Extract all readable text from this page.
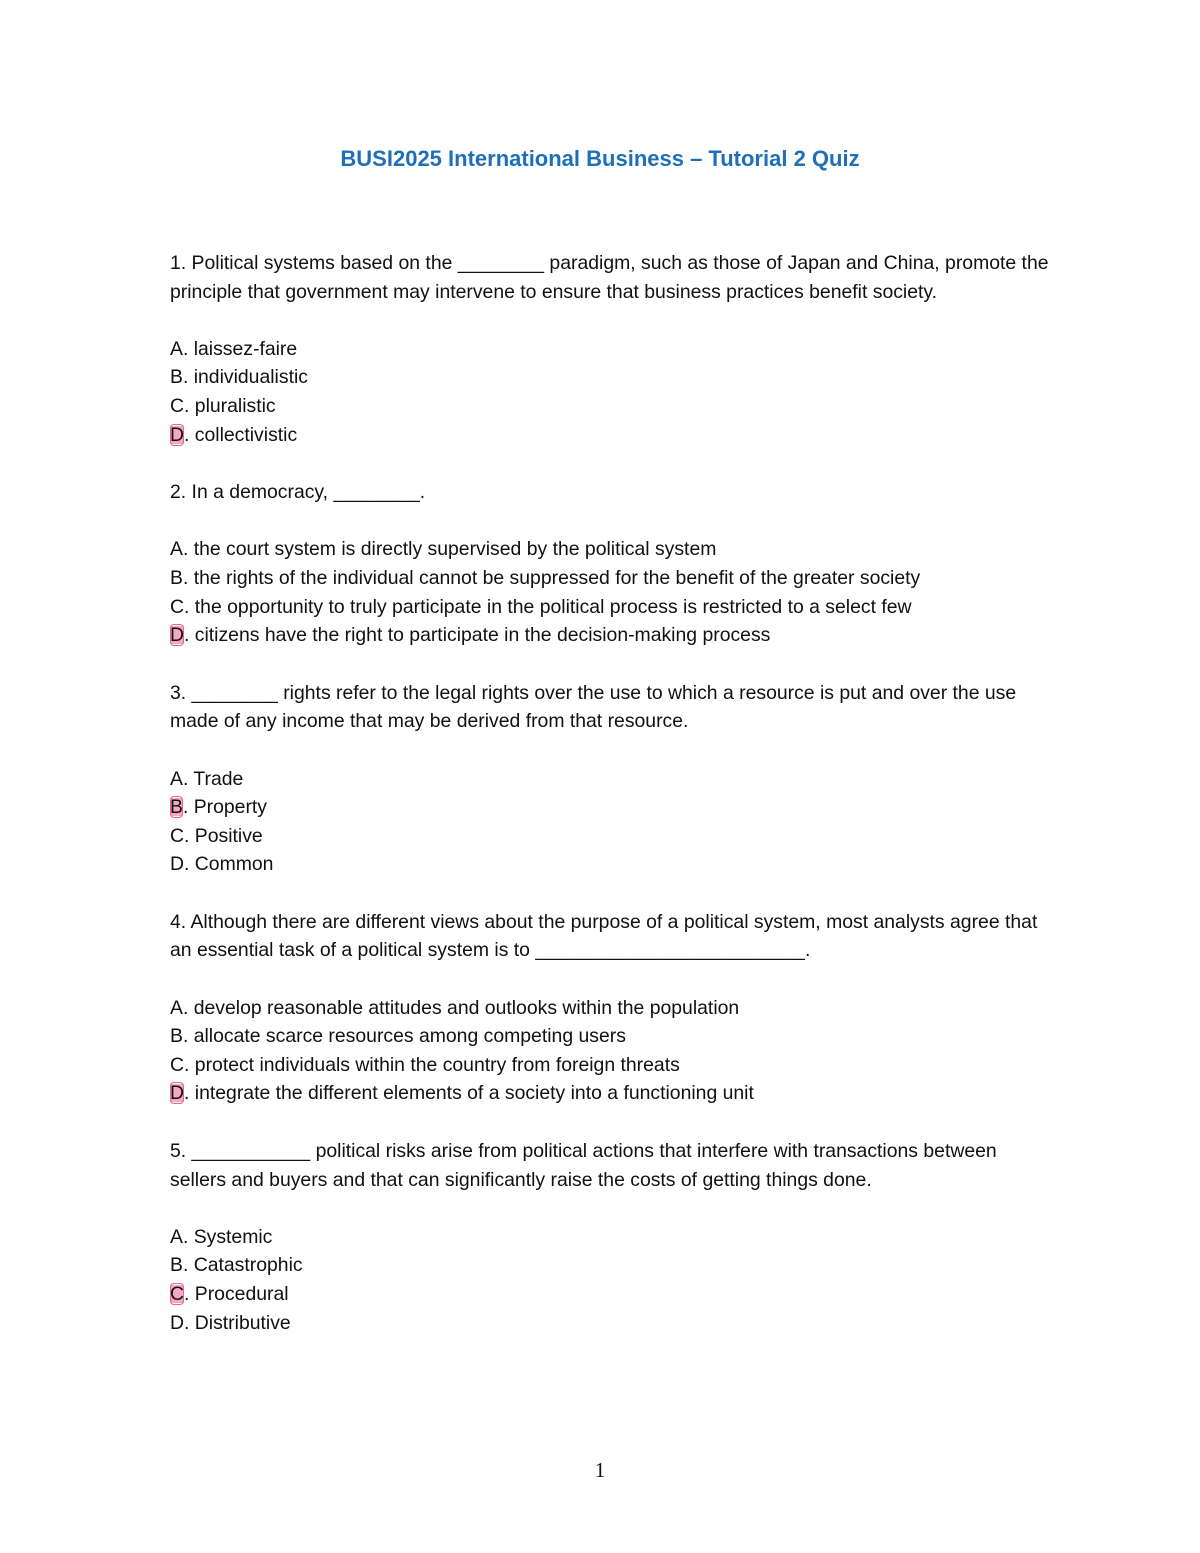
BUSI2025 International Business – Tutorial 2 Quiz

1. Political systems based on the ________ paradigm, such as those of Japan and China, promote the principle that government may intervene to ensure that business practices benefit society.

A. laissez-faire
B. individualistic
C. pluralistic
D. collectivistic

2. In a democracy, ________.

A. the court system is directly supervised by the political system
B. the rights of the individual cannot be suppressed for the benefit of the greater society
C. the opportunity to truly participate in the political process is restricted to a select few
D. citizens have the right to participate in the decision-making process

3. ________ rights refer to the legal rights over the use to which a resource is put and over the use made of any income that may be derived from that resource.

A. Trade
B. Property
C. Positive
D. Common

4. Although there are different views about the purpose of a political system, most analysts agree that an essential task of a political system is to _________________________.

A. develop reasonable attitudes and outlooks within the population
B. allocate scarce resources among competing users
C. protect individuals within the country from foreign threats
D. integrate the different elements of a society into a functioning unit

5. ___________ political risks arise from political actions that interfere with transactions between sellers and buyers and that can significantly raise the costs of getting things done.

A. Systemic
B. Catastrophic
C. Procedural
D. Distributive
1
